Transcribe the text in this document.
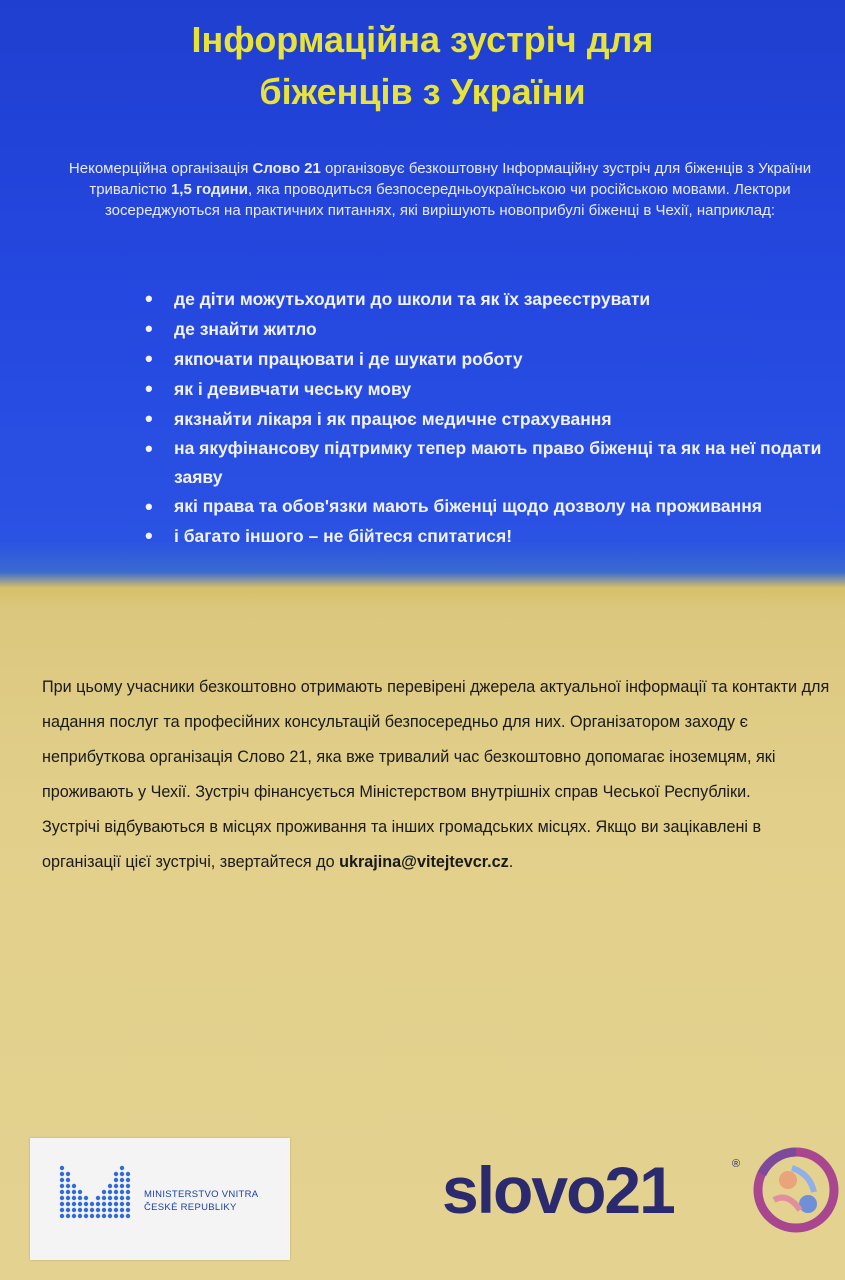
Інформаційна зустріч для
біженців з України

Некомерційна організація Слово 21 організовує безкоштовну Інформаційну зустріч для біженців з України тривалістю 1,5 години, яка проводиться безпосередньоукраїнською чи російською мовами. Лектори зосереджуються на практичних питаннях, які вирішують новоприбулі біженці в Чехії, наприклад:

• де діти можутьходити до школи та як їх зареєструвати
• де знайти житло
• якпочати працювати і де шукати роботу
• як і девивчати чеську мову
• якзнайти лікаря і як працює медичне страхування
• на якуфінансову підтримку тепер мають право біженці та як на неї подати заяву
• які права та обов'язки мають біженці щодо дозволу на проживання
• і багато іншого – не бійтеся спитатися!

При цьому учасники безкоштовно отримають перевірені джерела актуальної інформації та контакти для надання послуг та професійних консультацій безпосередньо для них. Організатором заходу є неприбутковa організація Слово 21, яка вже тривалий час безкоштовно допомагає іноземцям, які проживають у Чехії. Зустріч фінансується Міністерством внутрішніх справ Чеської Республіки.

Зустрічі відбуваються в місцях проживання та інших громадських місцях. Якщо ви зацікавлені в організації цієї зустрічі, звертайтеся до ukrajina@vitejtevcr.cz.

MINISTERSTVO VNITRA
ČESKÉ REPUBLIKY	slovo21	®
